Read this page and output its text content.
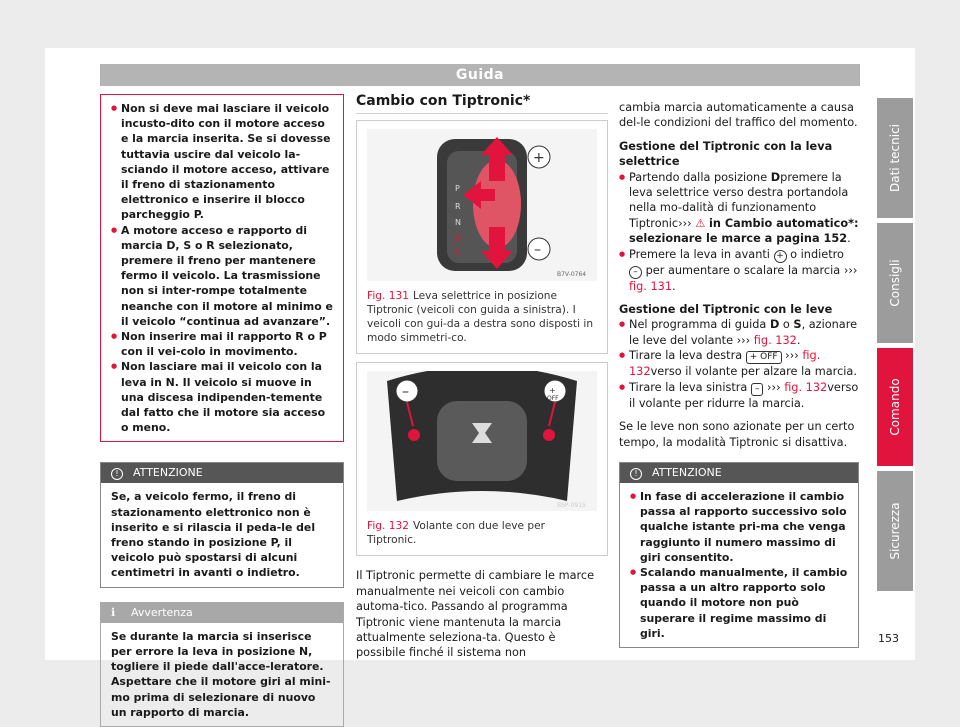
Guida
Dati tecnici
Consigli
Comando
Sicurezza
● Non si deve mai lasciare il veicolo incusto-dito con il motore acceso e la marcia inserita. Se si dovesse tuttavia uscire dal veicolo la-sciando il motore acceso, attivare il freno di stazionamento elettronico e inserire il blocco parcheggio P.
● A motore acceso e rapporto di marcia D, S o R selezionato, premere il freno per mantenere fermo il veicolo. La trasmissione non si inter-rompe totalmente neanche con il motore al minimo e il veicolo “continua ad avanzare”.
● Non inserire mai il rapporto R o P con il vei-colo in movimento.
● Non lasciare mai il veicolo con la leva in N. Il veicolo si muove in una discesa indipenden-temente dal fatto che il motore sia acceso o meno.
! ATTENZIONE
Se, a veicolo fermo, il freno di stazionamento elettronico non è inserito e si rilascia il peda-le del freno stando in posizione P, il veicolo può spostarsi di alcuni centimetri in avanti o indietro.
ℹ Avvertenza
Se durante la marcia si inserisce per errore la leva in posizione N, togliere il piede dall'acce-leratore. Aspettare che il motore giri al mini-mo prima di selezionare di nuovo un rapporto di marcia.
Cambio con Tiptronic*
P
R
N
D
S
+
–
B7V-0764
Fig. 131 Leva selettrice in posizione Tiptronic (veicoli con guida a sinistra). I veicoli con gui-da a destra sono disposti in modo simmetri-co.
–	+
OFF
B5P-0915
Fig. 132 Volante con due leve per Tiptronic.
Il Tiptronic permette di cambiare le marce manualmente nei veicoli con cambio automa-tico. Passando al programma Tiptronic viene mantenuta la marcia attualmente seleziona-ta. Questo è possibile finché il sistema non
cambia marcia automaticamente a causa del-le condizioni del traffico del momento.
Gestione del Tiptronic con la leva selettrice
● Partendo dalla posizione Dpremere la leva selettrice verso destra portandola nella mo-dalità di funzionamento Tiptronic››› ⚠ in Cambio automatico*: selezionare le marce a pagina 152.
● Premere la leva in avanti + o indietro – per aumentare o scalare la marcia ››› fig. 131.
Gestione del Tiptronic con le leve
● Nel programma di guida D o S, azionare le leve del volante ››› fig. 132.
● Tirare la leva destra + OFF ››› fig. 132verso il volante per alzare la marcia.
● Tirare la leva sinistra – ››› fig. 132verso il volante per ridurre la marcia.
Se le leve non sono azionate per un certo tempo, la modalità Tiptronic si disattiva.
! ATTENZIONE
● In fase di accelerazione il cambio passa al rapporto successivo solo qualche istante pri-ma che venga raggiunto il numero massimo di giri consentito.
● Scalando manualmente, il cambio passa a un altro rapporto solo quando il motore non può superare il regime massimo di giri.	153
